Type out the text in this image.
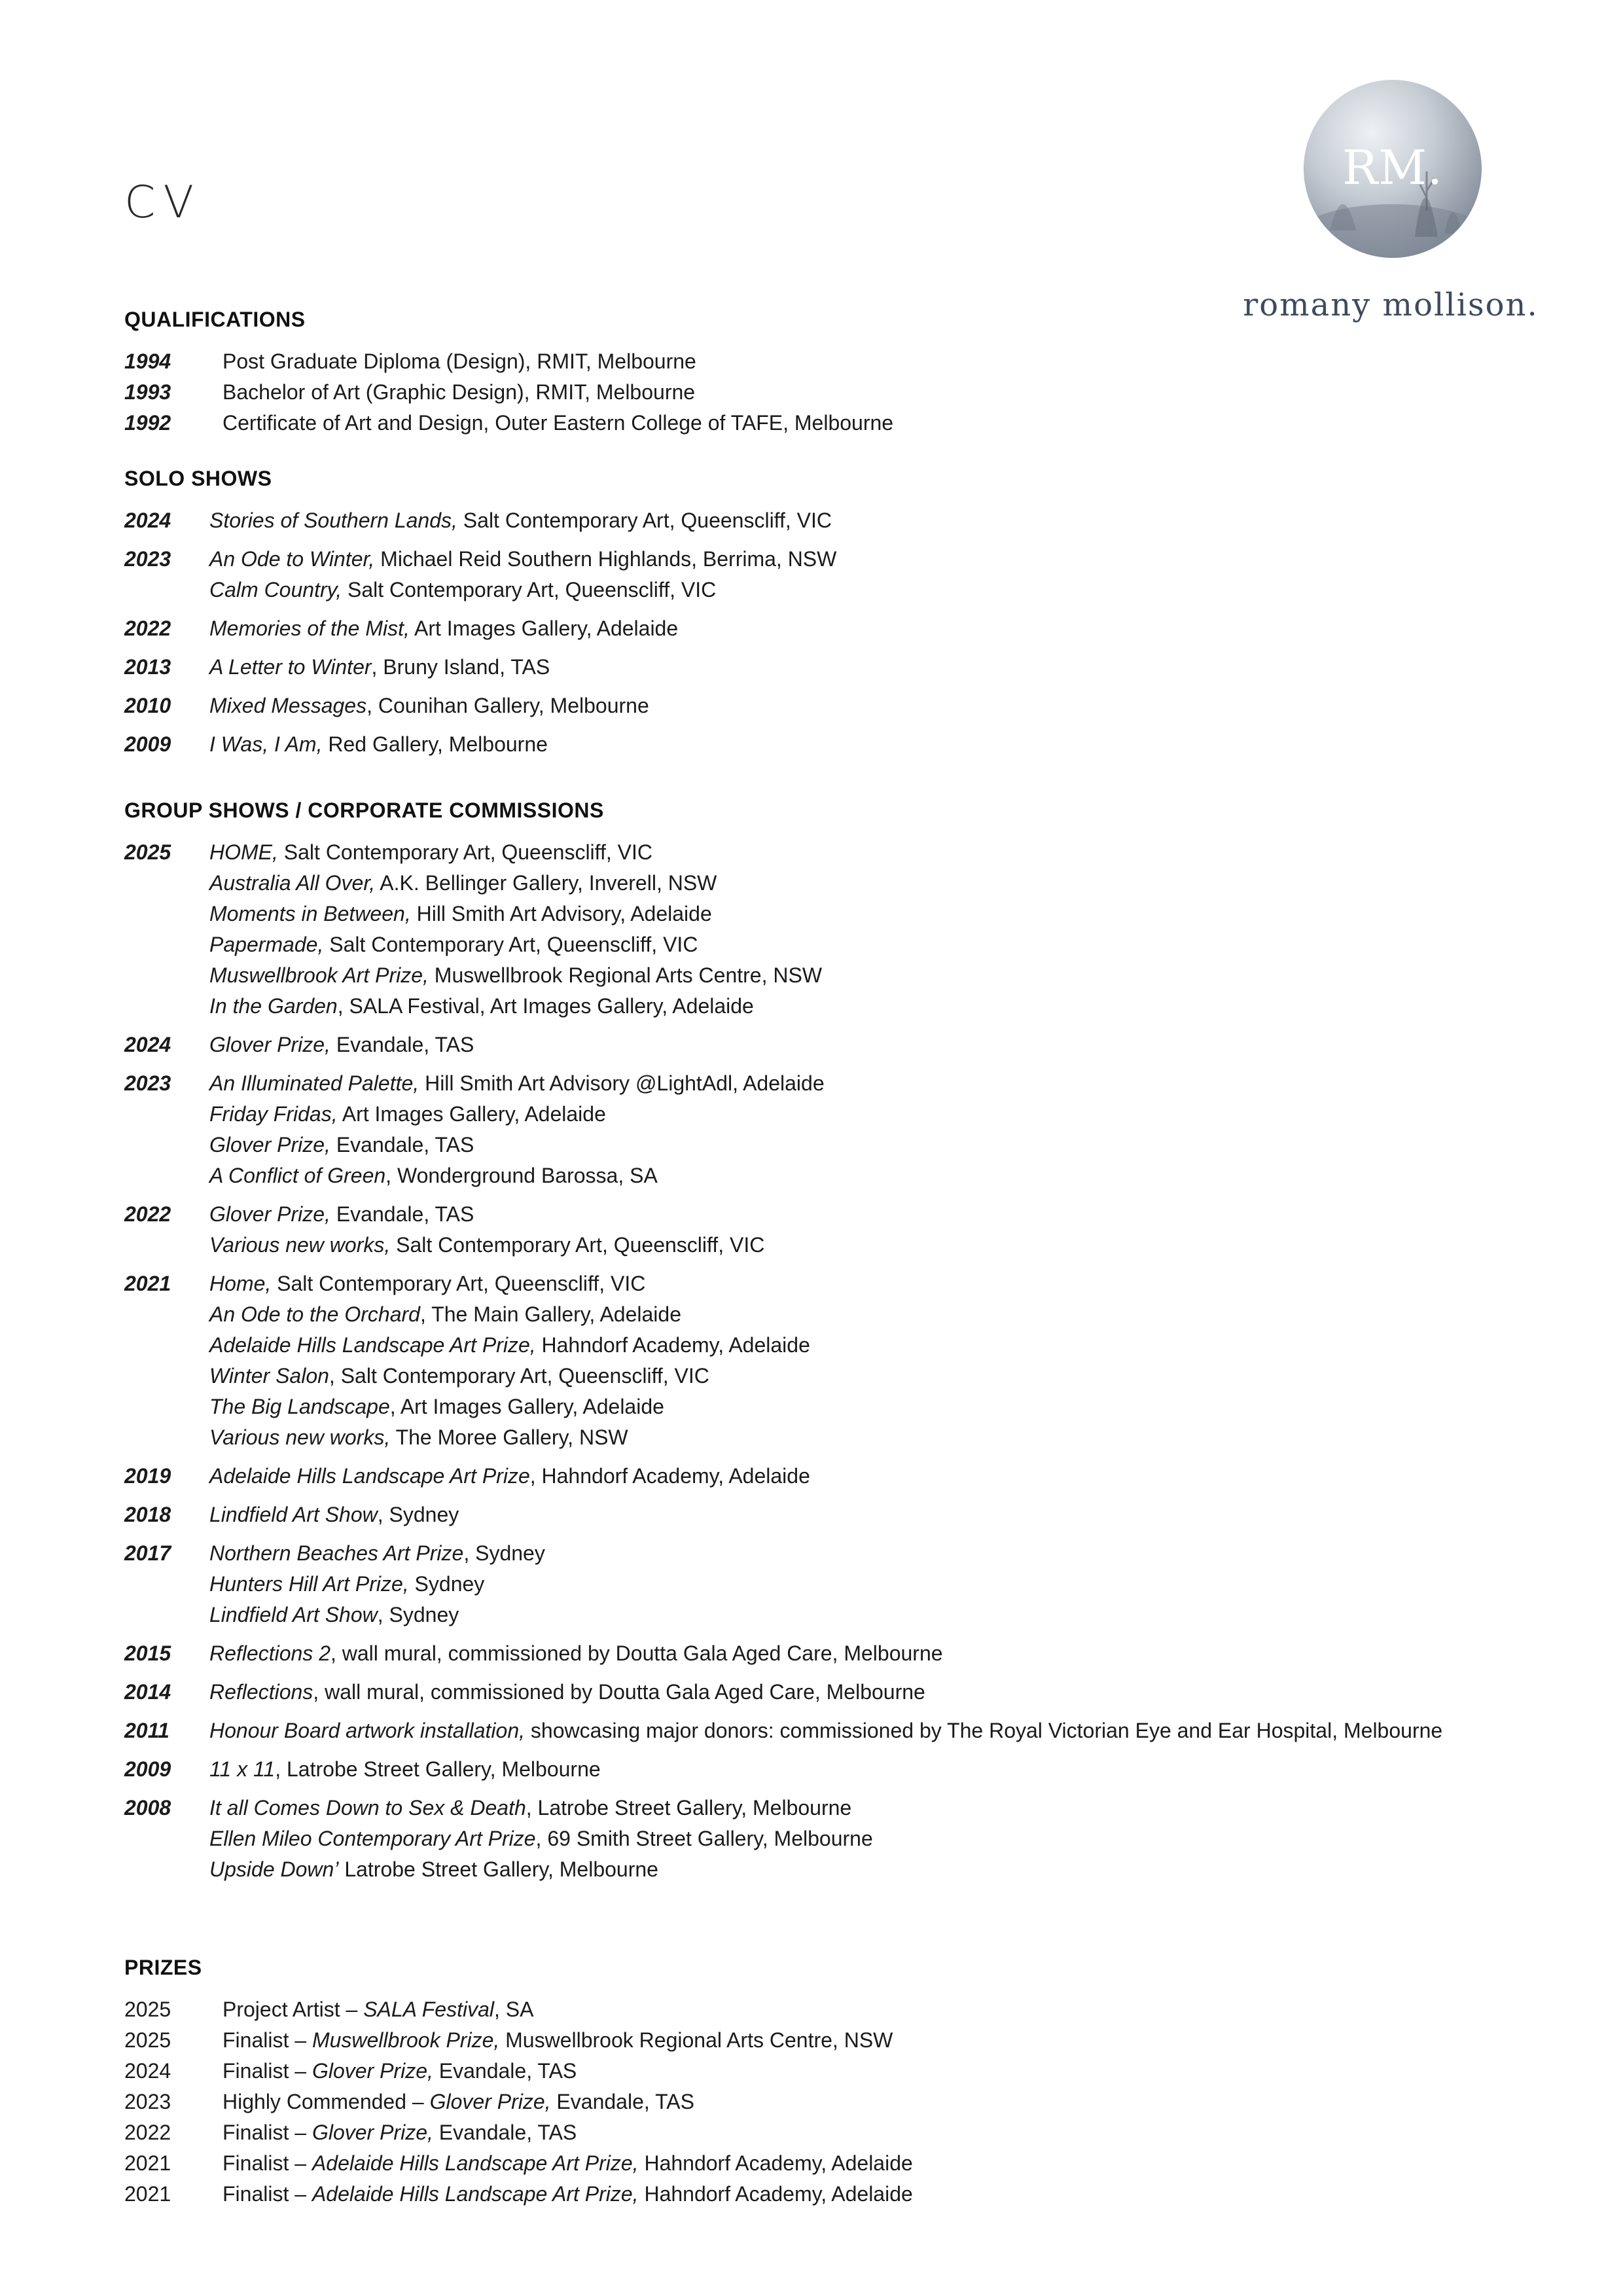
CV
RM.
romany mollison.
QUALIFICATIONS
1994	Post Graduate Diploma (Design), RMIT, Melbourne
1993	Bachelor of Art (Graphic Design), RMIT, Melbourne
1992	Certificate of Art and Design, Outer Eastern College of TAFE, Melbourne
SOLO SHOWS
2024	Stories of Southern Lands, Salt Contemporary Art, Queenscliff, VIC
2023	An Ode to Winter, Michael Reid Southern Highlands, Berrima, NSW
Calm Country, Salt Contemporary Art, Queenscliff, VIC
2022	Memories of the Mist, Art Images Gallery, Adelaide
2013	A Letter to Winter, Bruny Island, TAS
2010	Mixed Messages, Counihan Gallery, Melbourne
2009	I Was, I Am, Red Gallery, Melbourne
GROUP SHOWS / CORPORATE COMMISSIONS
2025	HOME, Salt Contemporary Art, Queenscliff, VIC
Australia All Over, A.K. Bellinger Gallery, Inverell, NSW
Moments in Between, Hill Smith Art Advisory, Adelaide
Papermade, Salt Contemporary Art, Queenscliff, VIC
Muswellbrook Art Prize, Muswellbrook Regional Arts Centre, NSW
In the Garden, SALA Festival, Art Images Gallery, Adelaide
2024	Glover Prize, Evandale, TAS
2023	An Illuminated Palette, Hill Smith Art Advisory @LightAdl, Adelaide
Friday Fridas, Art Images Gallery, Adelaide
Glover Prize, Evandale, TAS
A Conflict of Green, Wonderground Barossa, SA
2022	Glover Prize, Evandale, TAS
Various new works, Salt Contemporary Art, Queenscliff, VIC
2021	Home, Salt Contemporary Art, Queenscliff, VIC
An Ode to the Orchard, The Main Gallery, Adelaide
Adelaide Hills Landscape Art Prize, Hahndorf Academy, Adelaide
Winter Salon, Salt Contemporary Art, Queenscliff, VIC
The Big Landscape, Art Images Gallery, Adelaide
Various new works, The Moree Gallery, NSW
2019	Adelaide Hills Landscape Art Prize, Hahndorf Academy, Adelaide
2018	Lindfield Art Show, Sydney
2017	Northern Beaches Art Prize, Sydney
Hunters Hill Art Prize, Sydney
Lindfield Art Show, Sydney
2015	Reflections 2, wall mural, commissioned by Doutta Gala Aged Care, Melbourne
2014	Reflections, wall mural, commissioned by Doutta Gala Aged Care, Melbourne
2011	Honour Board artwork installation, showcasing major donors: commissioned by The Royal Victorian Eye and Ear Hospital, Melbourne
2009	11 x 11, Latrobe Street Gallery, Melbourne
2008	It all Comes Down to Sex & Death, Latrobe Street Gallery, Melbourne
Ellen Mileo Contemporary Art Prize, 69 Smith Street Gallery, Melbourne
Upside Down’ Latrobe Street Gallery, Melbourne
PRIZES
2025	Project Artist – SALA Festival, SA
2025	Finalist – Muswellbrook Prize, Muswellbrook Regional Arts Centre, NSW
2024	Finalist – Glover Prize, Evandale, TAS
2023	Highly Commended – Glover Prize, Evandale, TAS
2022	Finalist – Glover Prize, Evandale, TAS
2021	Finalist – Adelaide Hills Landscape Art Prize, Hahndorf Academy, Adelaide
2021	Finalist – Adelaide Hills Landscape Art Prize, Hahndorf Academy, Adelaide
